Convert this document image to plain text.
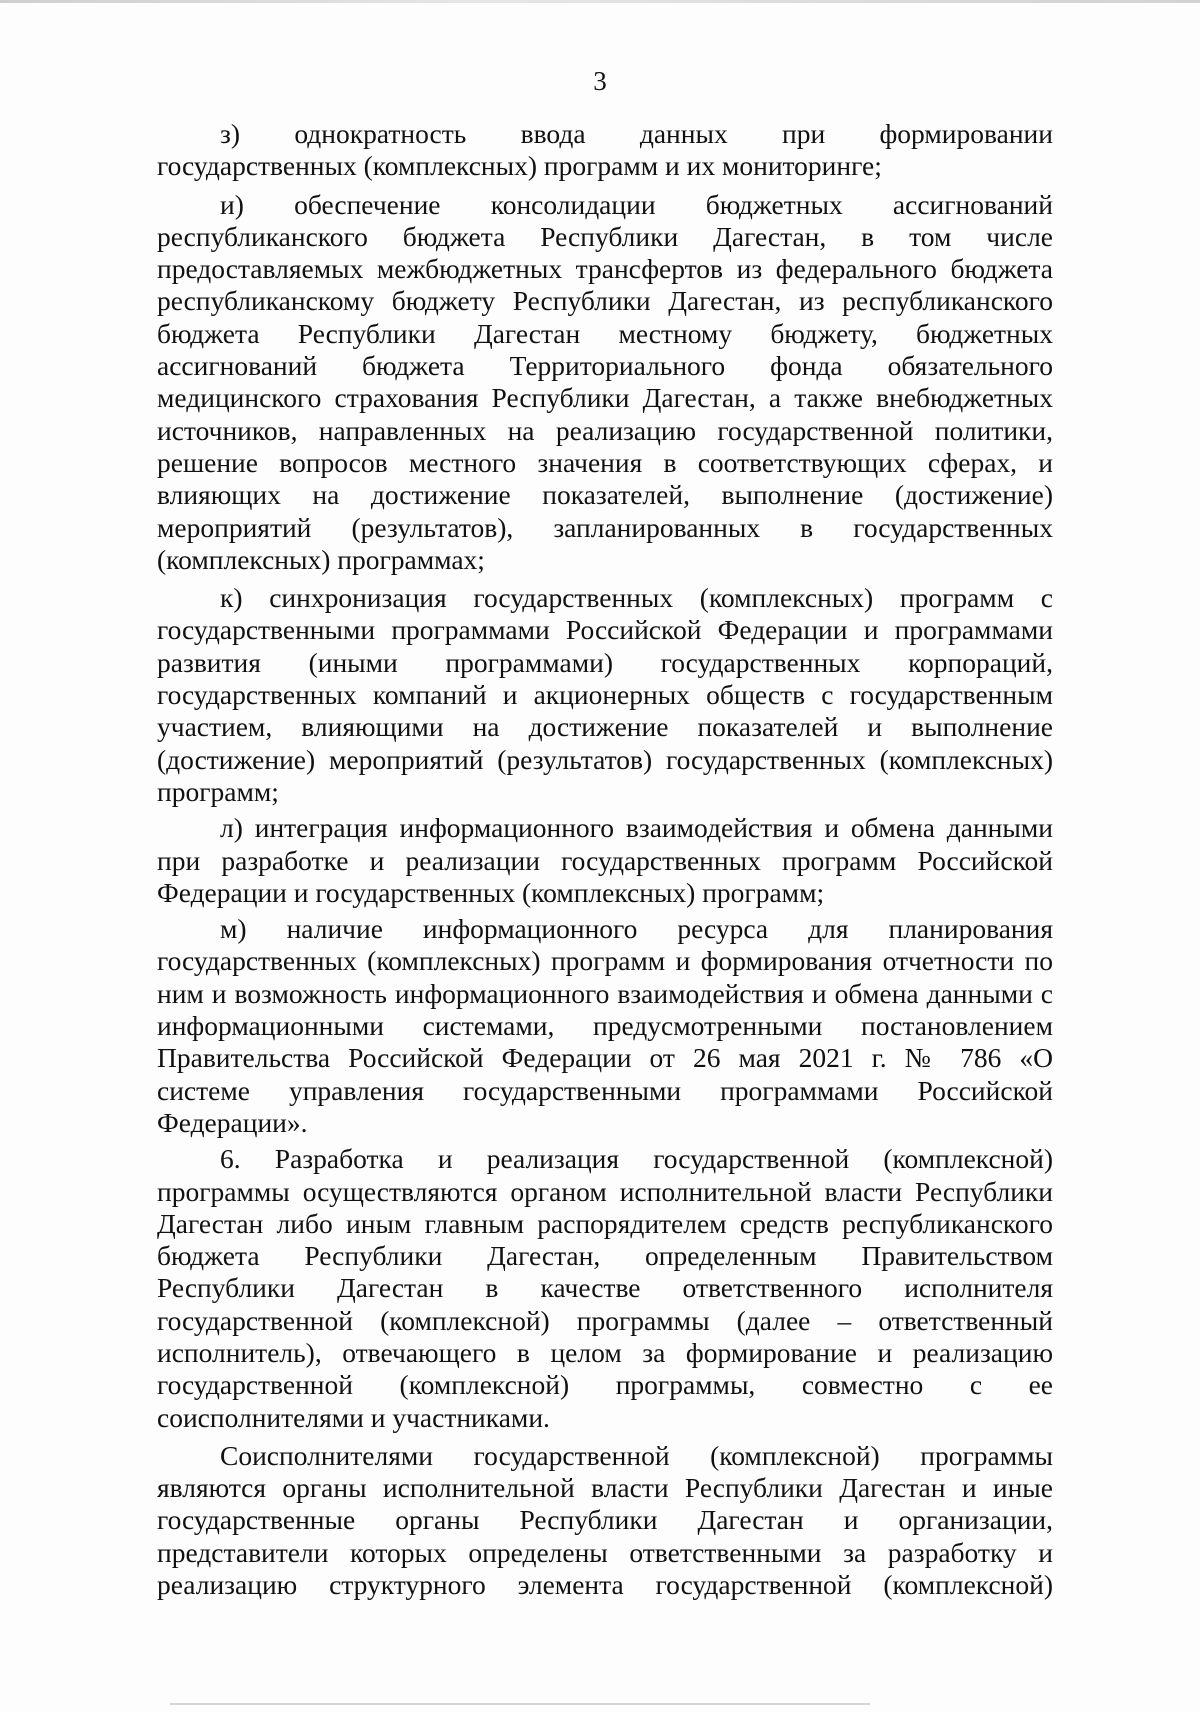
3
з) однократность ввода данных при формировании
государственных (комплексных) программ и их мониторинге;
и) обеспечение консолидации бюджетных ассигнований
республиканского бюджета Республики Дагестан, в том числе
предоставляемых межбюджетных трансфертов из федерального бюджета
республиканскому бюджету Республики Дагестан, из республиканского
бюджета Республики Дагестан местному бюджету, бюджетных
ассигнований бюджета Территориального фонда обязательного
медицинского страхования Республики Дагестан, а также внебюджетных
источников, направленных на реализацию государственной политики,
решение вопросов местного значения в соответствующих сферах, и
влияющих на достижение показателей, выполнение (достижение)
мероприятий (результатов), запланированных в государственных
(комплексных) программах;
к) синхронизация государственных (комплексных) программ с
государственными программами Российской Федерации и программами
развития (иными программами) государственных корпораций,
государственных компаний и акционерных обществ с государственным
участием, влияющими на достижение показателей и выполнение
(достижение) мероприятий (результатов) государственных (комплексных)
программ;
л) интеграция информационного взаимодействия и обмена данными
при разработке и реализации государственных программ Российской
Федерации и государственных (комплексных) программ;
м) наличие информационного ресурса для планирования
государственных (комплексных) программ и формирования отчетности по
ним и возможность информационного взаимодействия и обмена данными с
информационными системами, предусмотренными постановлением
Правительства Российской Федерации от 26 мая 2021 г. № 786 «О
системе управления государственными программами Российской
Федерации».
6. Разработка и реализация государственной (комплексной)
программы осуществляются органом исполнительной власти Республики
Дагестан либо иным главным распорядителем средств республиканского
бюджета Республики Дагестан, определенным Правительством
Республики Дагестан в качестве ответственного исполнителя
государственной (комплексной) программы (далее – ответственный
исполнитель), отвечающего в целом за формирование и реализацию
государственной (комплексной) программы, совместно с ее
соисполнителями и участниками.
Соисполнителями государственной (комплексной) программы
являются органы исполнительной власти Республики Дагестан и иные
государственные органы Республики Дагестан и организации,
представители которых определены ответственными за разработку и
реализацию структурного элемента государственной (комплексной)
